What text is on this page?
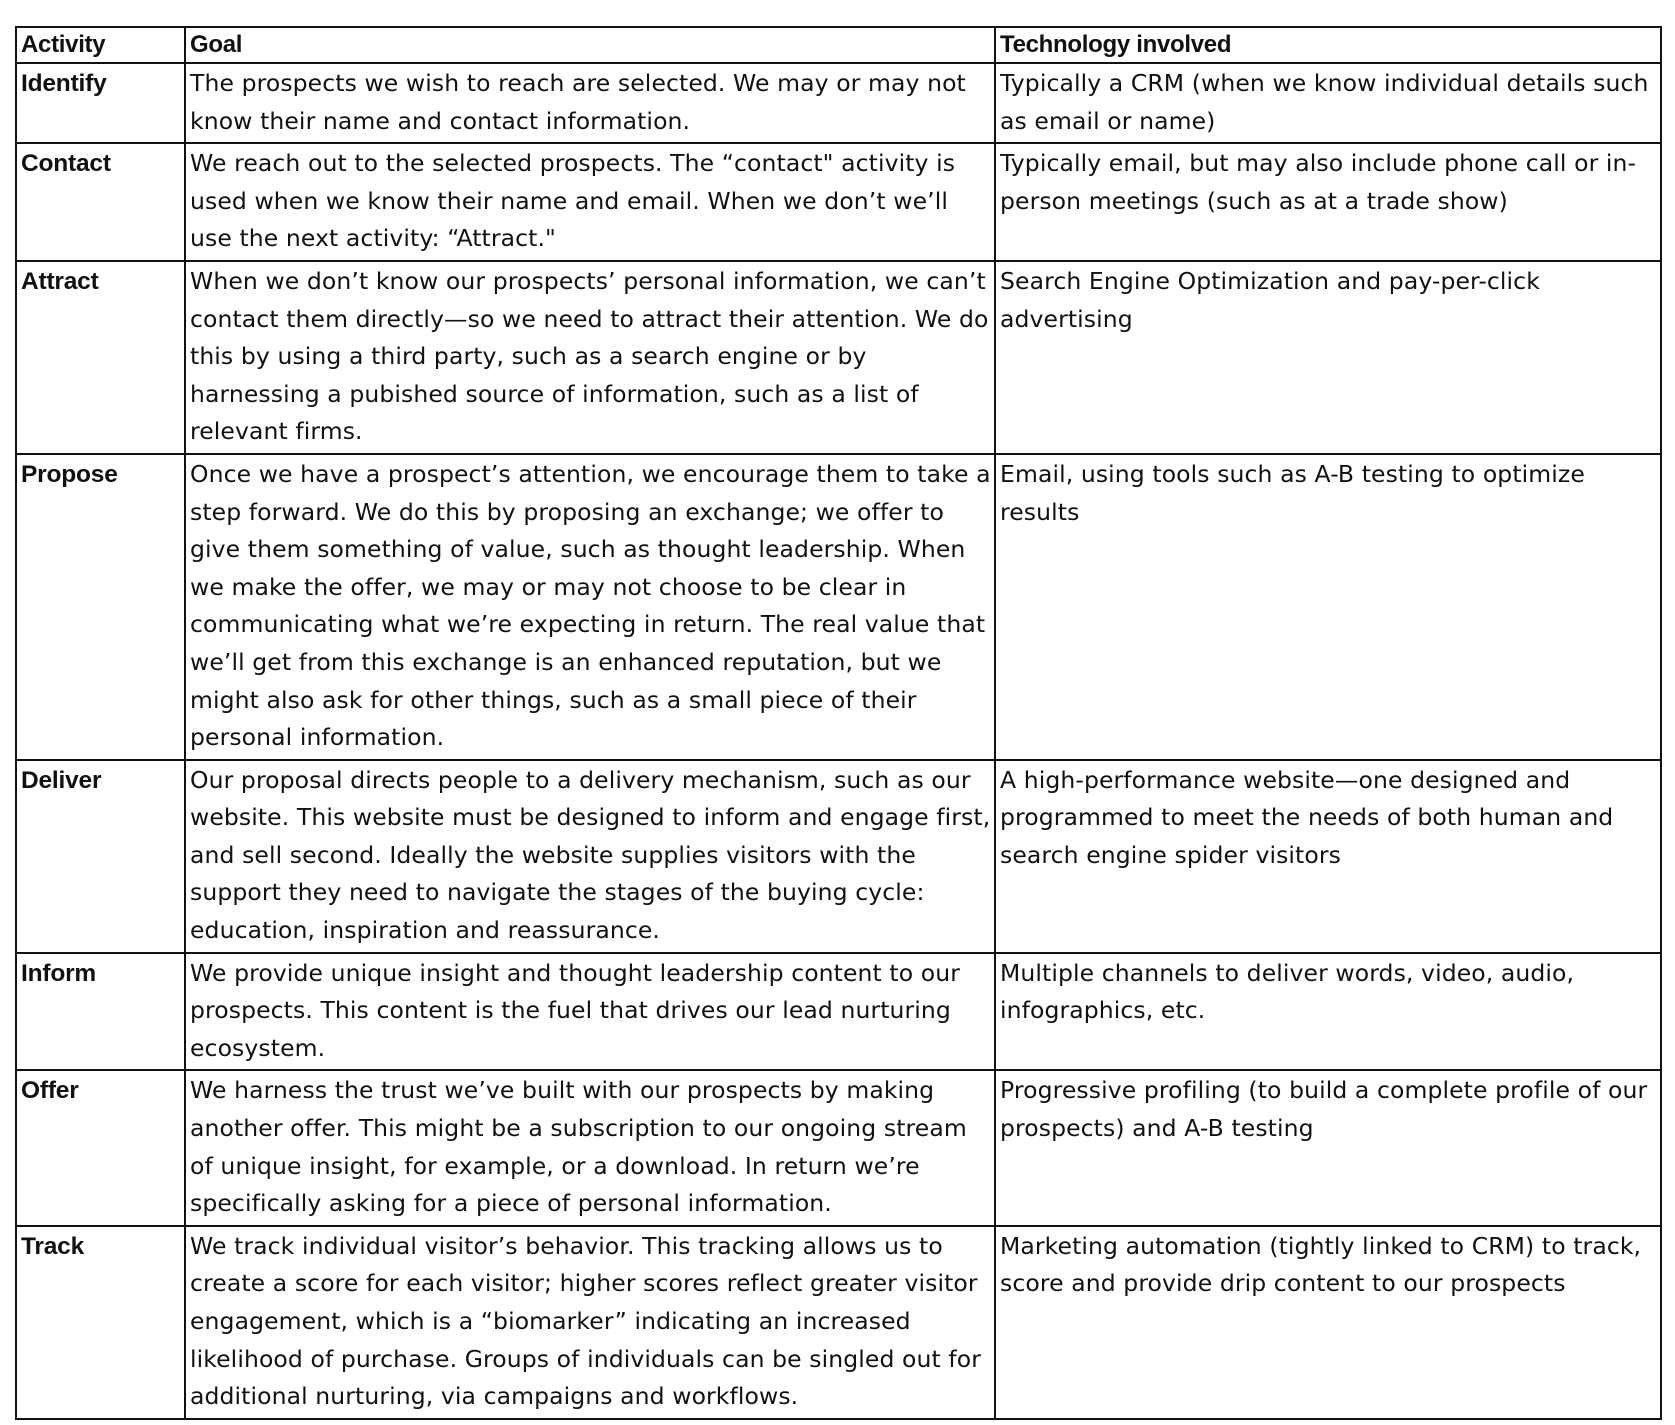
Activity	Goal	Technology involved
Identify	The prospects we wish to reach are selected. We may or may not know their name and contact information.	Typically a CRM (when we know individual details such as email or name)
Contact	We reach out to the selected prospects. The “contact" activity is used when we know their name and email. When we don’t we’ll use the next activity: “Attract."	Typically email, but may also include phone call or in-person meetings (such as at a trade show)
Attract	When we don’t know our prospects’ personal information, we can’t contact them directly—so we need to attract their attention. We do this by using a third party, such as a search engine or by harnessing a pubished source of information, such as a list of relevant firms.	Search Engine Optimization and pay-per-click advertising
Propose	Once we have a prospect’s attention, we encourage them to take a step forward. We do this by proposing an exchange; we offer to give them something of value, such as thought leadership. When we make the offer, we may or may not choose to be clear in communicating what we’re expecting in return. The real value that we’ll get from this exchange is an enhanced reputation, but we might also ask for other things, such as a small piece of their personal information.	Email, using tools such as A-B testing to optimize results
Deliver	Our proposal directs people to a delivery mechanism, such as our website. This website must be designed to inform and engage first, and sell second. Ideally the website supplies visitors with the support they need to navigate the stages of the buying cycle: education, inspiration and reassurance.	A high-performance website—one designed and programmed to meet the needs of both human and search engine spider visitors
Inform	We provide unique insight and thought leadership content to our prospects. This content is the fuel that drives our lead nurturing ecosystem.	Multiple channels to deliver words, video, audio, infographics, etc.
Offer	We harness the trust we’ve built with our prospects by making another offer. This might be a subscription to our ongoing stream of unique insight, for example, or a download. In return we’re specifically asking for a piece of personal information.	Progressive profiling (to build a complete profile of our prospects) and A-B testing
Track	We track individual visitor’s behavior. This tracking allows us to create a score for each visitor; higher scores reflect greater visitor engagement, which is a “biomarker” indicating an increased likelihood of purchase. Groups of individuals can be singled out for additional nurturing, via campaigns and workflows.	Marketing automation (tightly linked to CRM) to track, score and provide drip content to our prospects
